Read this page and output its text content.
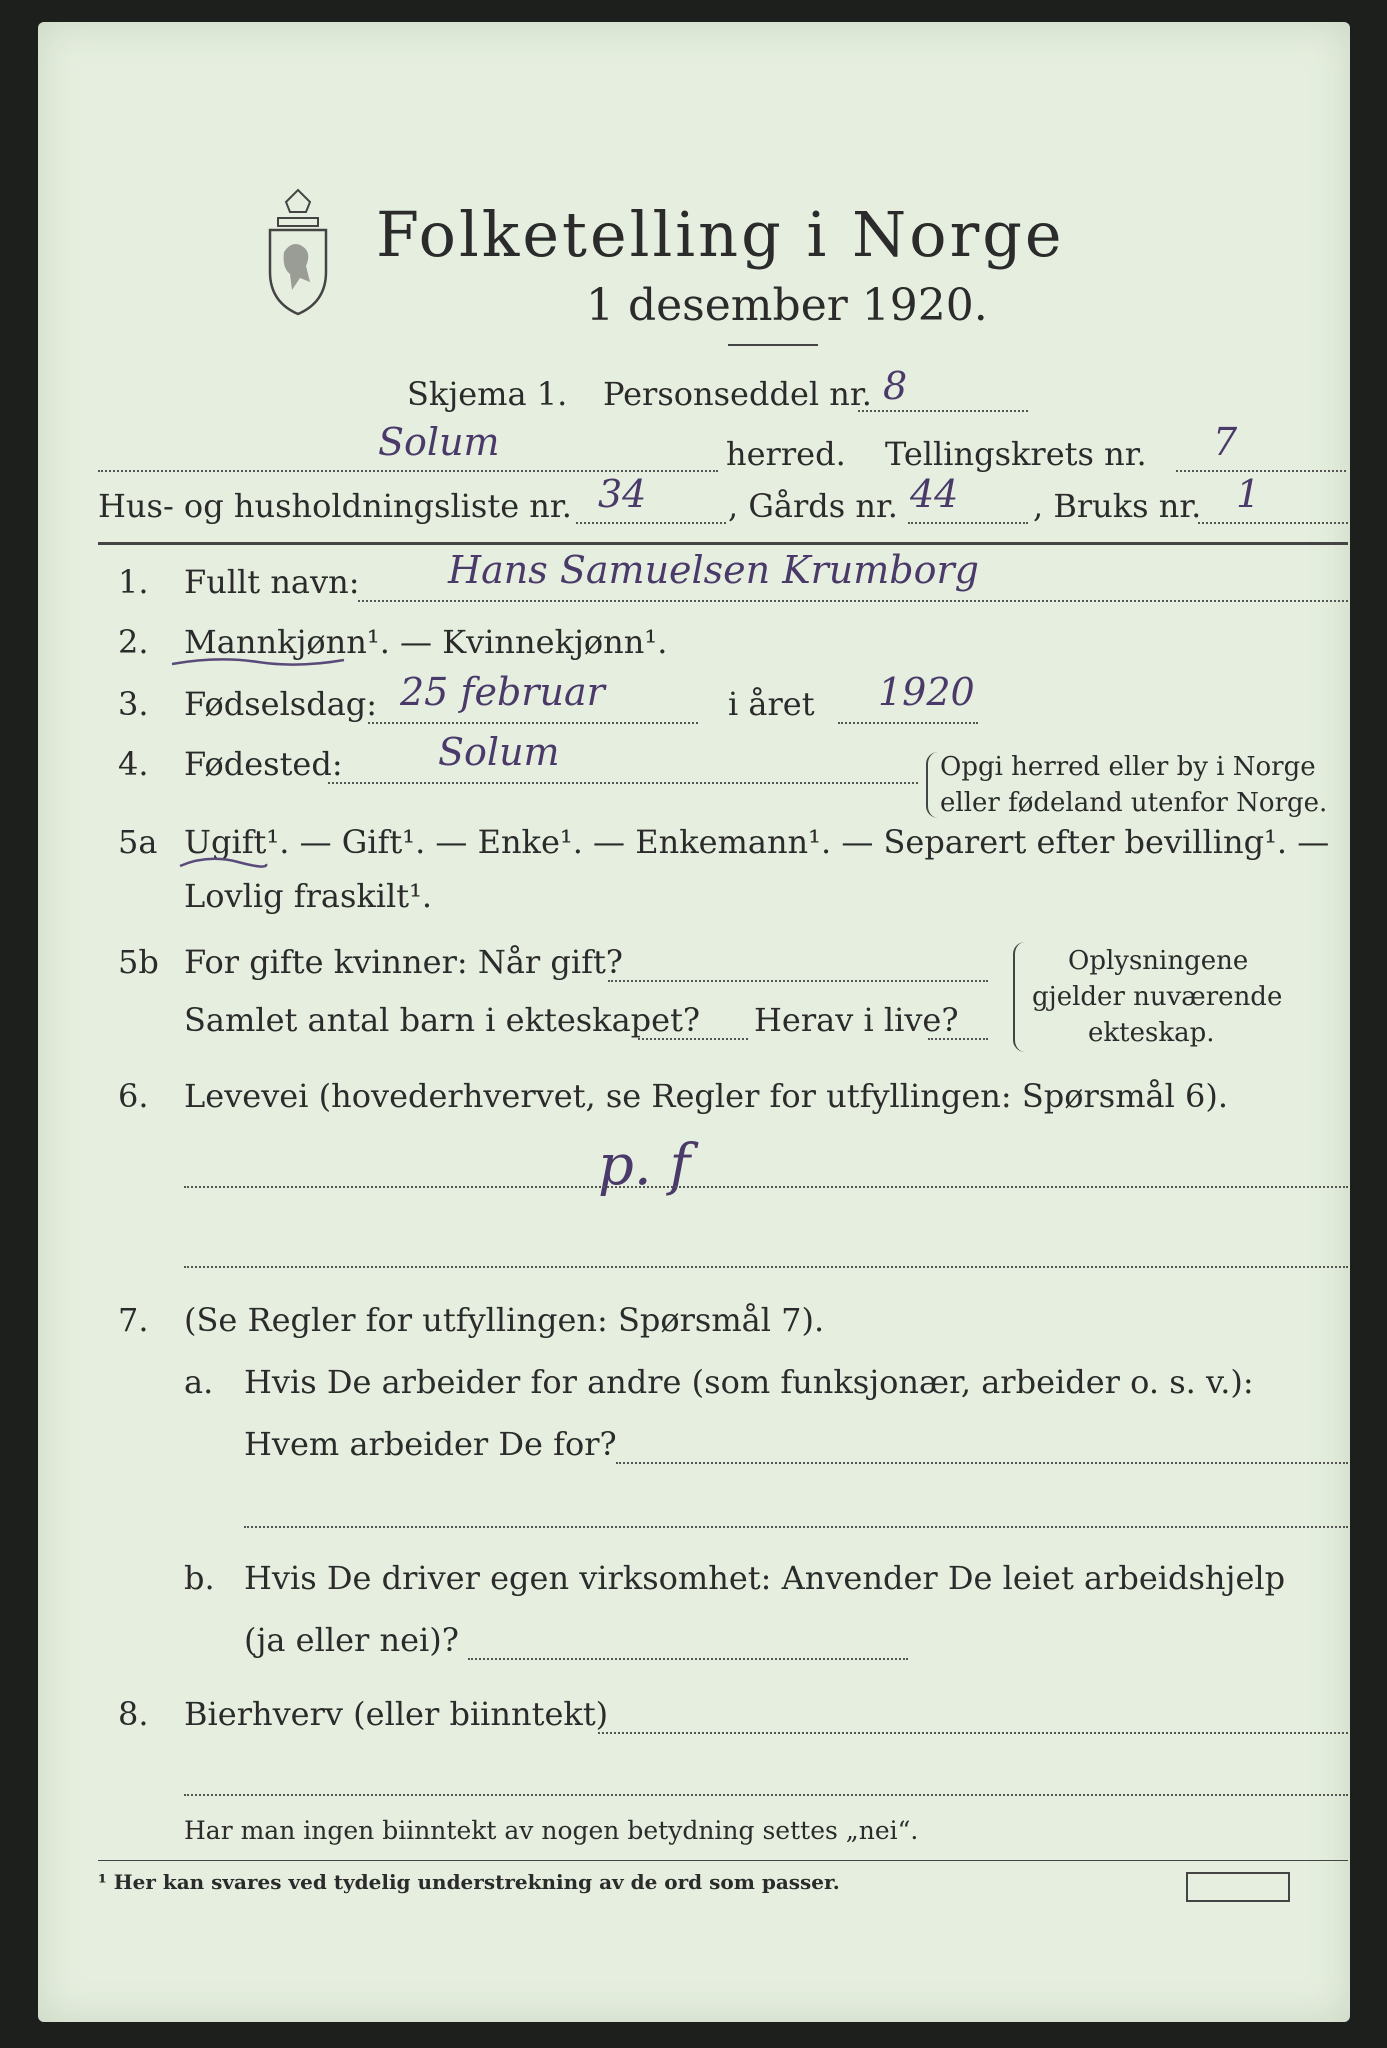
Folketelling i Norge
1 desember 1920.
Skjema 1. Personseddel nr. 8
Solum	herred. Tellingskrets nr. 7
Hus- og husholdningsliste nr. 34	, Gårds nr. 44 , Bruks nr. 1
1. Fullt navn: Hans Samuelsen Krumborg
2. Mannkjønn¹. — Kvinnekjønn¹.
3. Fødselsdag: 25 februar	i året 1920
4. Fødested:	Solum	Opgi herred eller by i Norge
eller fødeland utenfor Norge.
5a Ugift¹. — Gift¹. — Enke¹. — Enkemann¹. — Separert efter bevilling¹. —
Lovlig fraskilt¹.
5b For gifte kvinner: Når gift?
Samlet antal barn i ekteskapet? Herav i live?
Oplysningene
gjelder nuværende
ekteskap.
6. Levevei (hovederhvervet, se Regler for utfyllingen: Spørsmål 6).
p. f
7. (Se Regler for utfyllingen: Spørsmål 7).
a. Hvis De arbeider for andre (som funksjonær, arbeider o. s. v.):
Hvem arbeider De for?
b. Hvis De driver egen virksomhet: Anvender De leiet arbeidshjelp
(ja eller nei)?
8. Bierhverv (eller biinntekt)
Har man ingen biinntekt av nogen betydning settes „nei“.
¹ Her kan svares ved tydelig understrekning av de ord som passer.
